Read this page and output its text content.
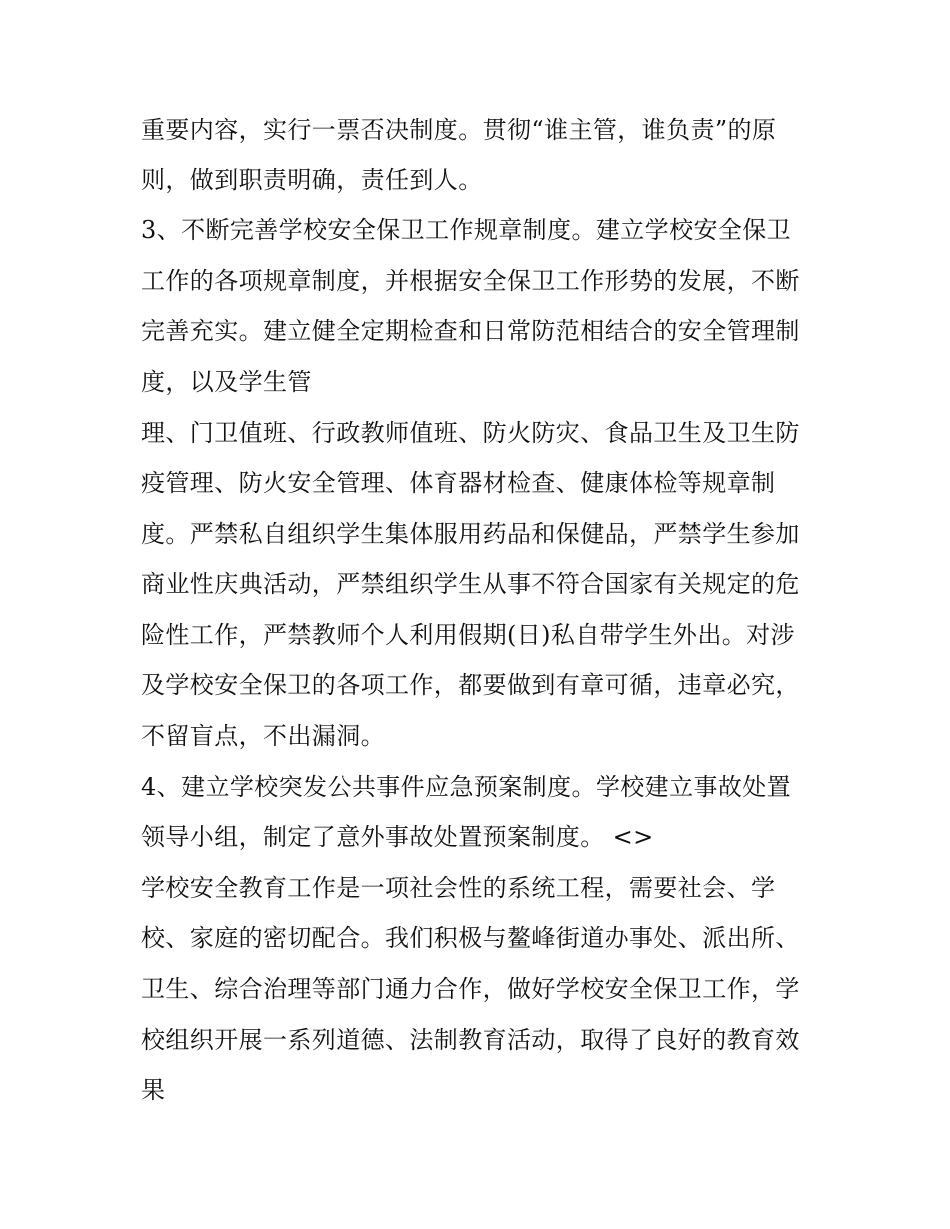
重要内容，实行一票否决制度。贯彻“谁主管，谁负责”的原
则，做到职责明确，责任到人。
3、不断完善学校安全保卫工作规章制度。建立学校安全保卫
工作的各项规章制度，并根据安全保卫工作形势的发展，不断
完善充实。建立健全定期检查和日常防范相结合的安全管理制
度，以及学生管
理、门卫值班、行政教师值班、防火防灾、食品卫生及卫生防
疫管理、防火安全管理、体育器材检查、健康体检等规章制
度。严禁私自组织学生集体服用药品和保健品，严禁学生参加
商业性庆典活动，严禁组织学生从事不符合国家有关规定的危
险性工作，严禁教师个人利用假期(日)私自带学生外出。对涉
及学校安全保卫的各项工作，都要做到有章可循，违章必究，
不留盲点，不出漏洞。
4、建立学校突发公共事件应急预案制度。学校建立事故处置
领导小组，制定了意外事故处置预案制度。 <>
学校安全教育工作是一项社会性的系统工程，需要社会、学
校、家庭的密切配合。我们积极与鳌峰街道办事处、派出所、
卫生、综合治理等部门通力合作，做好学校安全保卫工作，学
校组织开展一系列道德、法制教育活动，取得了良好的教育效
果
